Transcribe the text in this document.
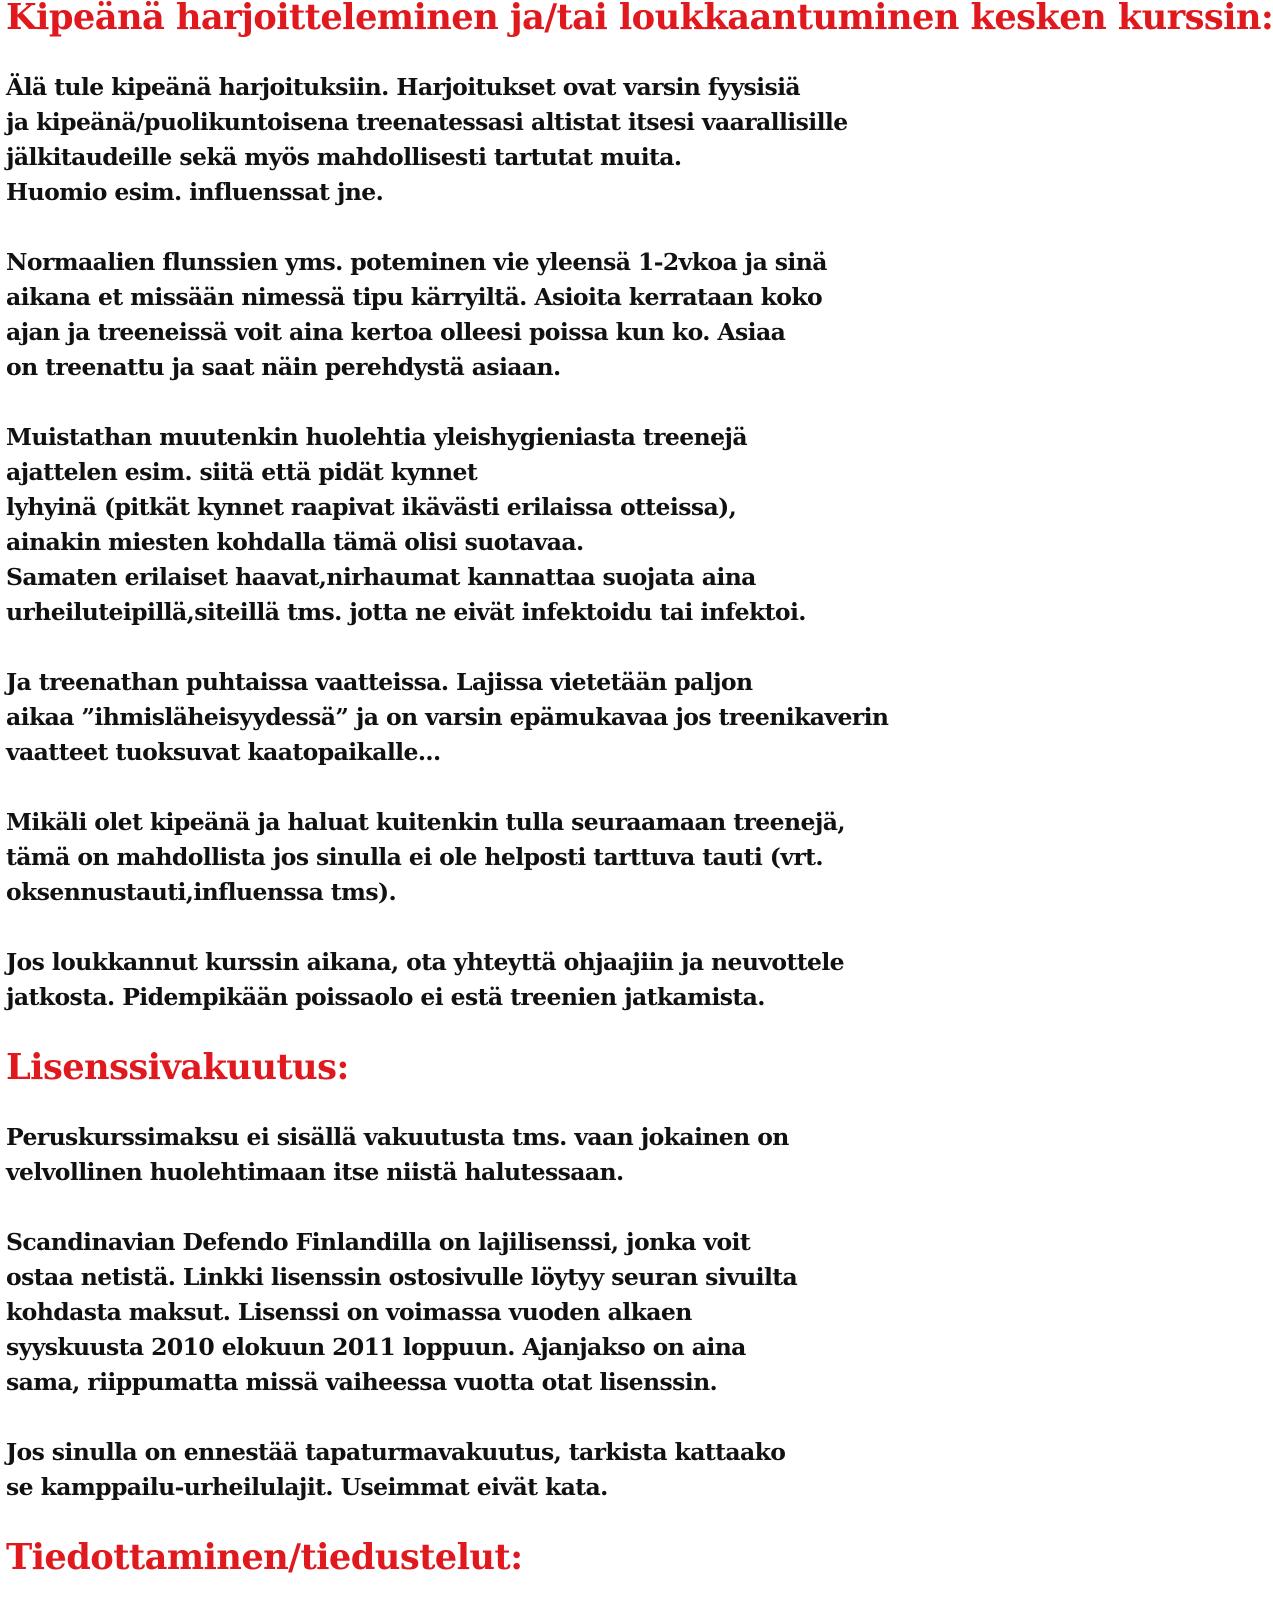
Kipeänä harjoitteleminen ja/tai loukkaantuminen kesken kurssin:

Älä tule kipeänä harjoituksiin. Harjoitukset ovat varsin fyysisiä
ja kipeänä/puolikuntoisena treenatessasi altistat itsesi vaarallisille
jälkitaudeille sekä myös mahdollisesti tartutat muita.
Huomio esim. influenssat jne.

Normaalien flunssien yms. poteminen vie yleensä 1-2vkoa ja sinä
aikana et missään nimessä tipu kärryiltä. Asioita kerrataan koko
ajan ja treeneissä voit aina kertoa olleesi poissa kun ko. Asiaa
on treenattu ja saat näin perehdystä asiaan.

Muistathan muutenkin huolehtia yleishygieniasta treenejä
ajattelen esim. siitä että pidät kynnet
lyhyinä (pitkät kynnet raapivat ikävästi erilaissa otteissa),
ainakin miesten kohdalla tämä olisi suotavaa.
Samaten erilaiset haavat,nirhaumat kannattaa suojata aina
urheiluteipillä,siteillä tms. jotta ne eivät infektoidu tai infektoi.

Ja treenathan puhtaissa vaatteissa. Lajissa vietetään paljon
aikaa ”ihmisläheisyydessä” ja on varsin epämukavaa jos treenikaverin
vaatteet tuoksuvat kaatopaikalle...

Mikäli olet kipeänä ja haluat kuitenkin tulla seuraamaan treenejä,
tämä on mahdollista jos sinulla ei ole helposti tarttuva tauti (vrt.
oksennustauti,influenssa tms).

Jos loukkannut kurssin aikana, ota yhteyttä ohjaajiin ja neuvottele
jatkosta. Pidempikään poissaolo ei estä treenien jatkamista.

Lisenssivakuutus:

Peruskurssimaksu ei sisällä vakuutusta tms. vaan jokainen on
velvollinen huolehtimaan itse niistä halutessaan.

Scandinavian Defendo Finlandilla on lajilisenssi, jonka voit
ostaa netistä. Linkki lisenssin ostosivulle löytyy seuran sivuilta
kohdasta maksut. Lisenssi on voimassa vuoden alkaen
syyskuusta 2010 elokuun 2011 loppuun. Ajanjakso on aina
sama, riippumatta missä vaiheessa vuotta otat lisenssin.

Jos sinulla on ennestää tapaturmavakuutus, tarkista kattaako
se kamppailu-urheilulajit. Useimmat eivät kata.

Tiedottaminen/tiedustelut:
